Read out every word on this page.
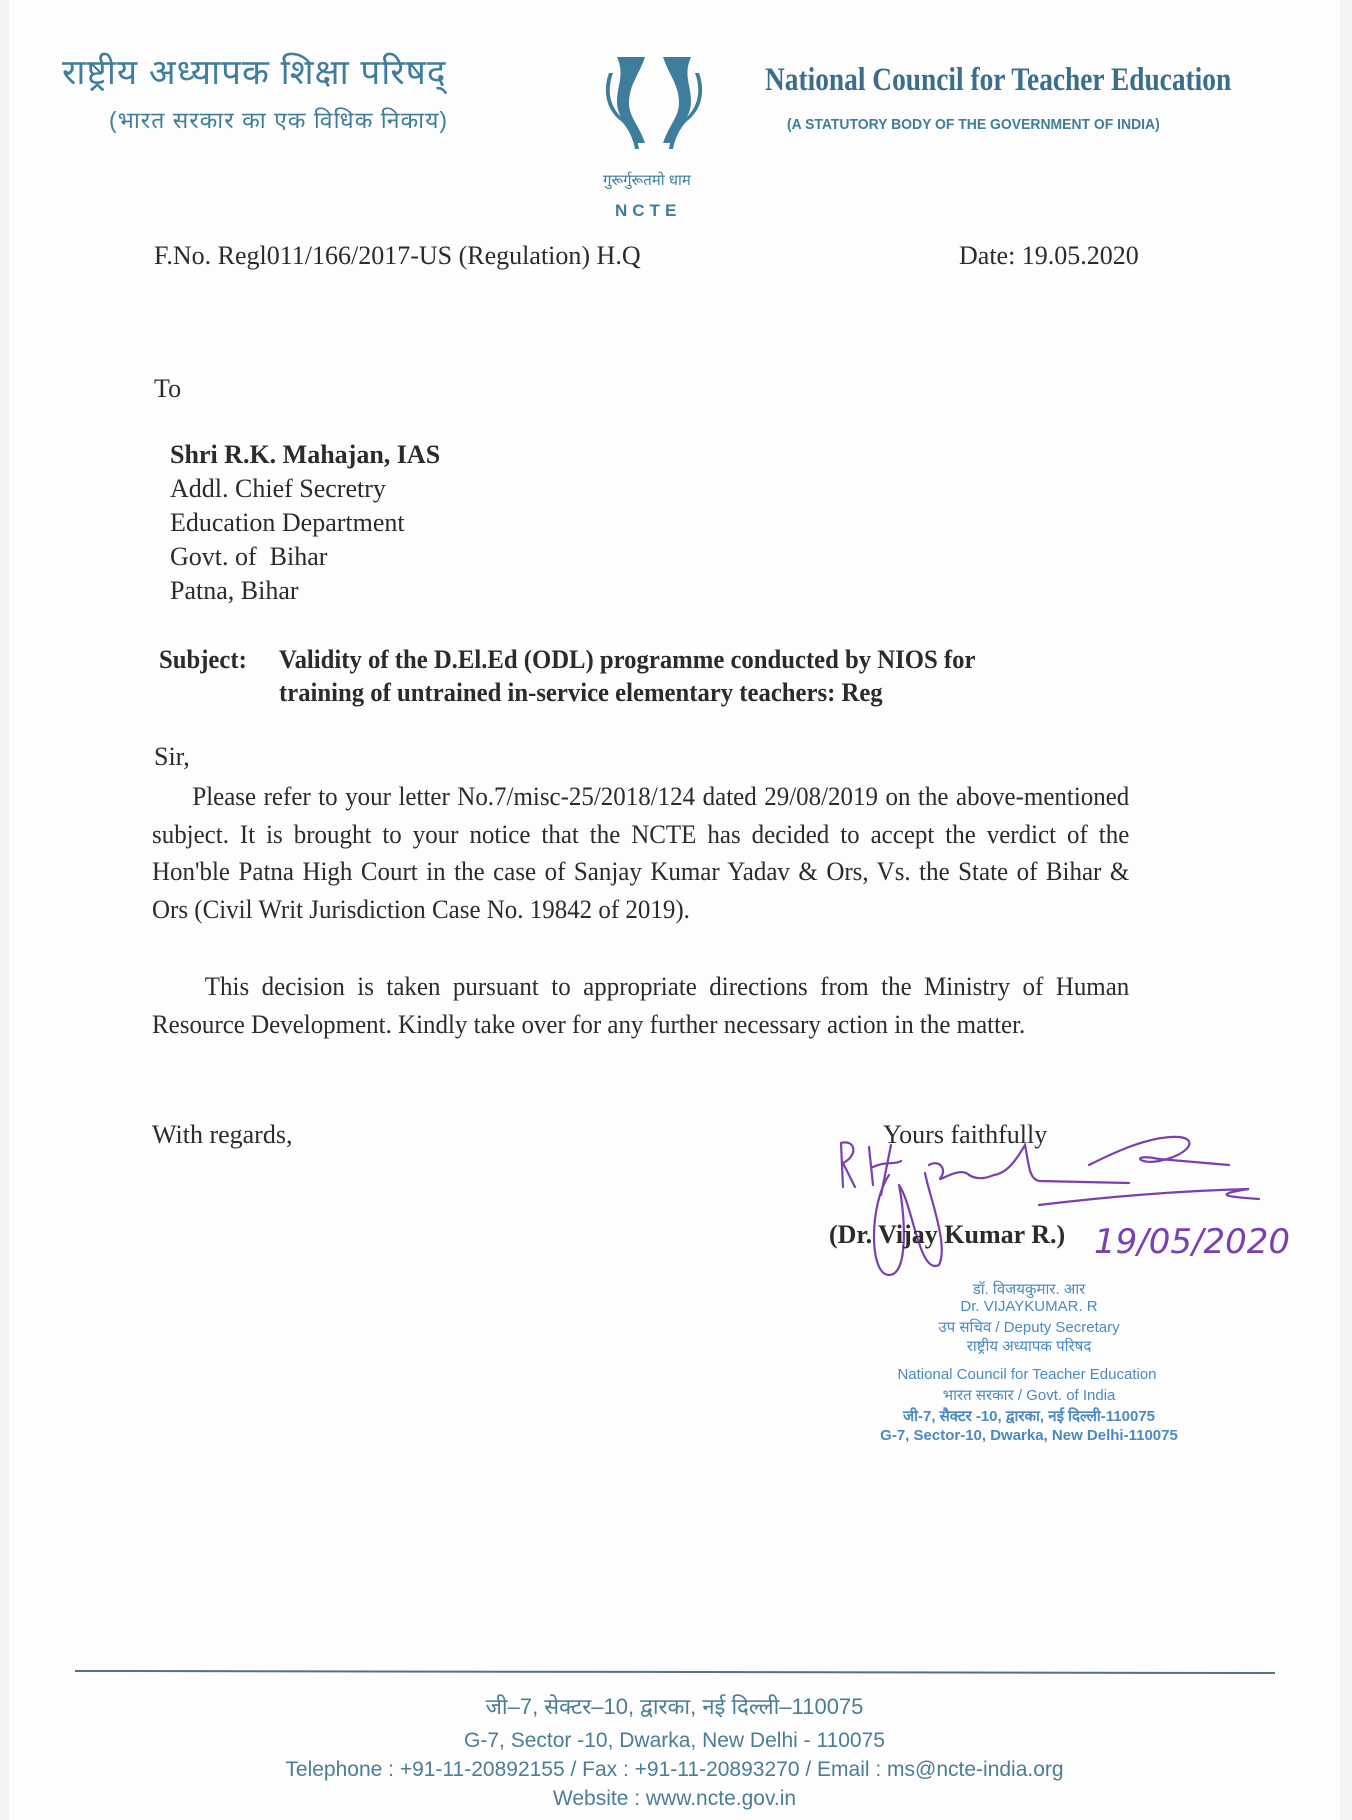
राष्ट्रीय अध्यापक शिक्षा परिषद्
(भारत सरकार का एक विधिक निकाय)
गुरूर्गुरूतमो धाम
NCTE
National Council for Teacher Education
(A STATUTORY BODY OF THE GOVERNMENT OF INDIA)
F.No. Regl011/166/2017-US (Regulation) H.Q	Date: 19.05.2020
To
Shri R.K. Mahajan, IAS
Addl. Chief Secretry
Education Department
Govt. of  Bihar
Patna, Bihar
Subject: Validity of the D.El.Ed (ODL) programme conducted by NIOS for
training of untrained in-service elementary teachers: Reg
Sir,
Please refer to your letter No.7/misc-25/2018/124 dated 29/08/2019 on the above-mentioned subject. It is brought to your notice that the NCTE has decided to accept the verdict of the Hon'ble Patna High Court in the case of Sanjay Kumar Yadav & Ors, Vs. the State of Bihar & Ors (Civil Writ Jurisdiction Case No. 19842 of 2019).
This decision is taken pursuant to appropriate directions from the Ministry of Human Resource Development. Kindly take over for any further necessary action in the matter.
With regards,	Yours faithfully
19/05/2020
(Dr. Vijay Kumar R.)
डॉ. विजयकुमार. आर
Dr. VIJAYKUMAR. R
उप सचिव / Deputy Secretary
राष्ट्रीय अध्यापक परिषद
National Council for Teacher Education
भारत सरकार / Govt. of India
जी-7, सैक्टर -10, द्वारका, नई दिल्ली-110075
G-7, Sector-10, Dwarka, New Delhi-110075
जी–7, सेक्टर–10, द्वारका, नई दिल्ली–110075
G-7, Sector -10, Dwarka, New Delhi - 110075
Telephone : +91-11-20892155 / Fax : +91-11-20893270 / Email : ms@ncte-india.org
Website : www.ncte.gov.in
